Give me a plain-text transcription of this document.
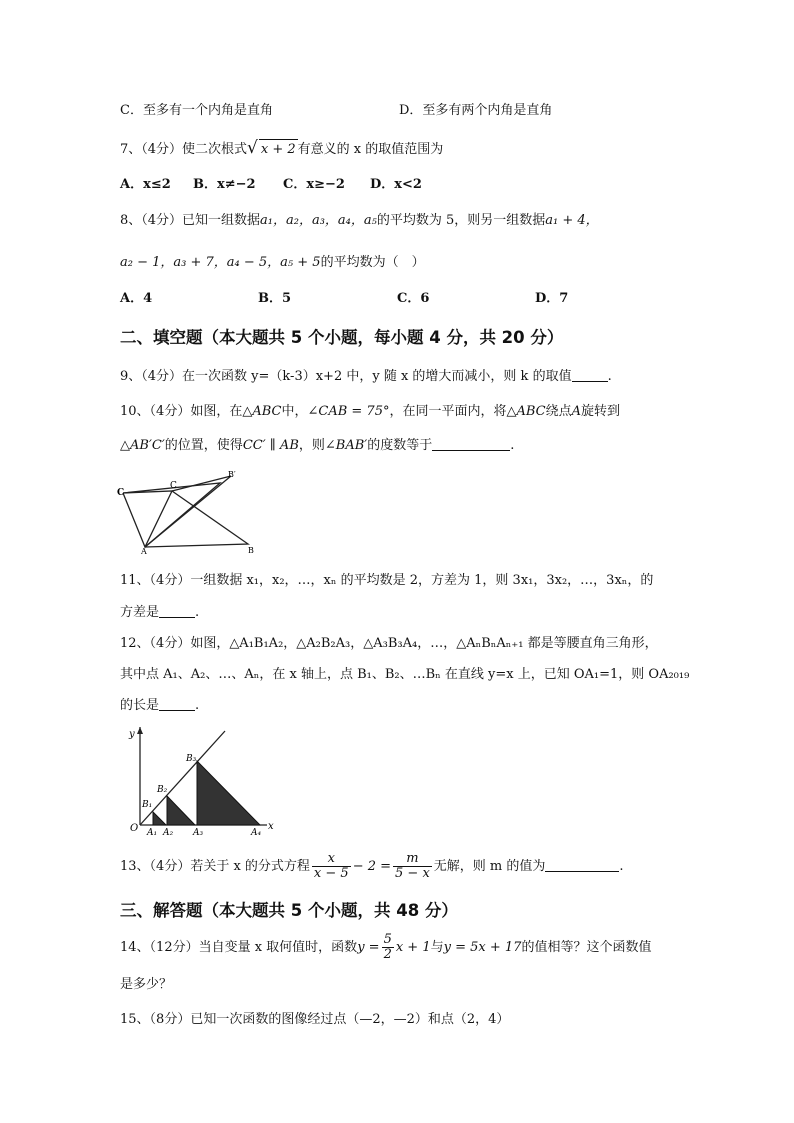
C．至多有一个内角是直角	D．至多有两个内角是直角
7、（4分）使二次根式√ x + 2 有意义的 x 的取值范围为
A．x≤2 B．x≠−2 C．x≥−2 D．x<2
8、（4分）已知一组数据a₁，a₂，a₃，a₄，a₅的平均数为 5，则另一组数据a₁ + 4，
a₂ − 1，a₃ + 7，a₄ − 5，a₅ + 5的平均数为（　）
A．4	B．5	C．6	D．7
二、填空题（本大题共 5 个小题，每小题 4 分，共 20 分）
9、（4分）在一次函数 y=（k-3）x+2 中，y 随 x 的增大而减小，则 k 的取值	.
10、（4分）如图，在△ABC中，∠CAB = 75°，在同一平面内，将△ABC绕点A旋转到
△AB′C′的位置，使得CC′ ∥ AB，则∠BAB′的度数等于	.
C
C
B′
A	B
11、（4分）一组数据 x₁，x₂，…，xₙ 的平均数是 2，方差为 1，则 3x₁，3x₂，…，3xₙ，的
方差是	.
12、（4分）如图，△A₁B₁A₂，△A₂B₂A₃，△A₃B₃A₄，…，△AₙBₙAₙ₊₁ 都是等腰直角三角形，
其中点 A₁、A₂、…、Aₙ，在 x 轴上，点 B₁、B₂、…Bₙ 在直线 y=x 上，已知 OA₁=1，则 OA₂₀₁₉
的长是	.
y
x
O A₁ A₂ A₃	A₄
B₁
B₂
B₃
13、（4分）若关于 x 的分式方程 $\frac{x}{x - 5} - 2 = \frac{m}{5 - x}$ 无解，则 m 的值为	.
三、解答题（本大题共 5 个小题，共 48 分）
14、（12分）当自变量 x 取何值时，函数$y = \frac{5}{2}$ x + 1与y = 5x + 17的值相等？这个函数值
是多少？
15、（8分）已知一次函数的图像经过点（—2，—2）和点（2，4）
